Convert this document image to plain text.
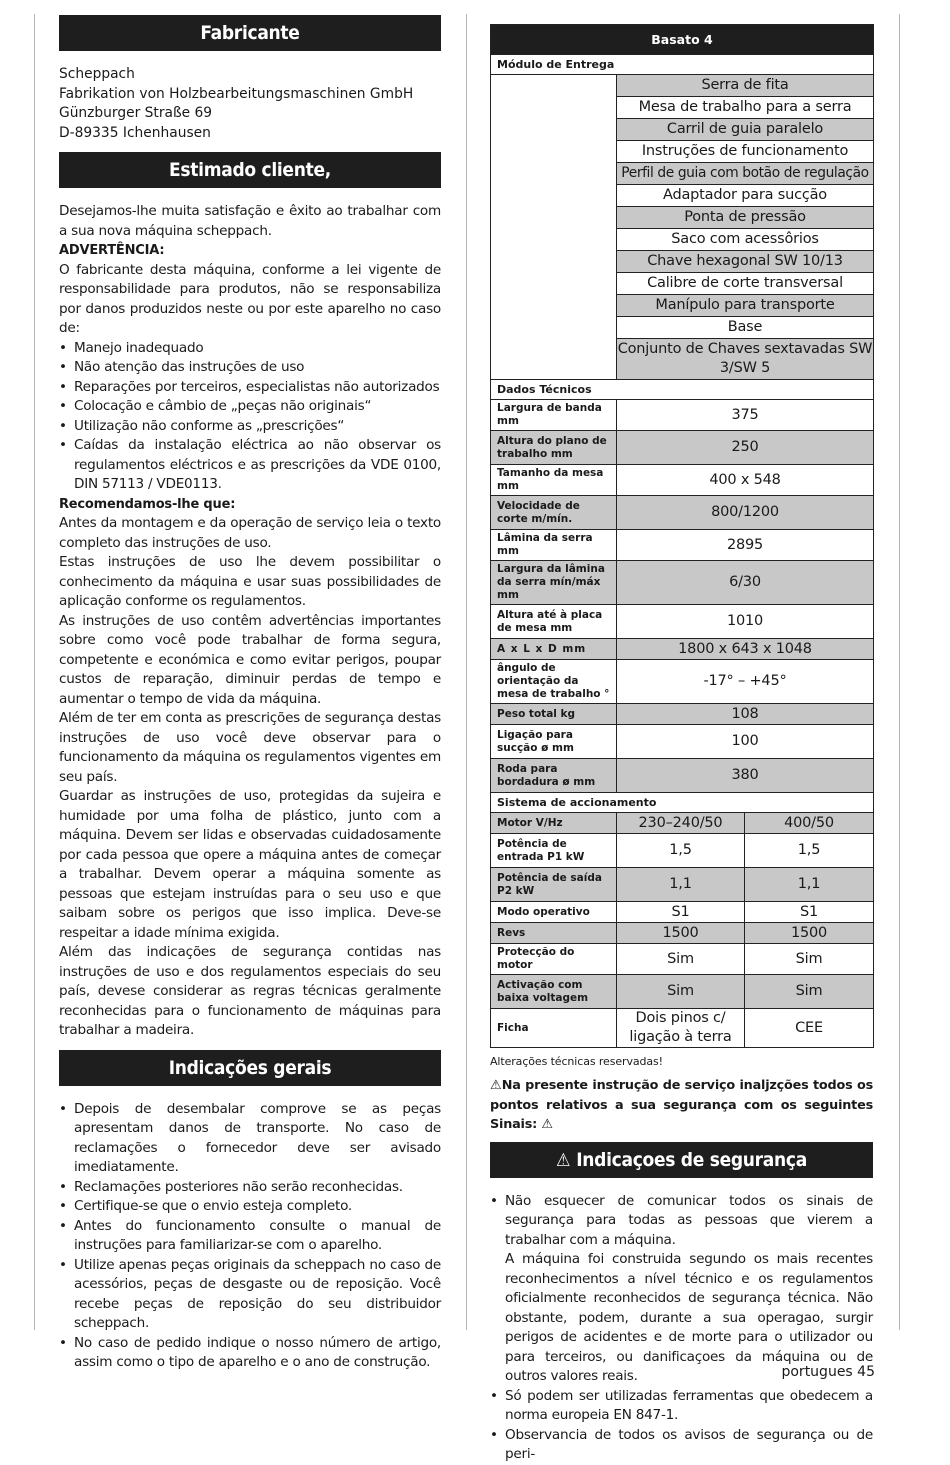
Fabricante
Scheppach
Fabrikation von Holzbearbeitungsmaschinen GmbH
Günzburger Straße 69
D-89335 Ichenhausen
Estimado cliente,

Desejamos-lhe muita satisfação e êxito ao trabalhar com a sua nova máquina scheppach.

ADVERTÊNCIA:

O fabricante desta máquina, conforme a lei vigente de responsabilidade para produtos, não se responsabiliza por danos produzidos neste ou por este aparelho no caso de:

• Manejo inadequado
• Não atenção das instruções de uso
• Reparações por terceiros, especialistas não autorizados
• Colocação e câmbio de „peças não originais“
• Utilização não conforme as „prescrições“
• Caídas da instalação eléctrica ao não observar os regulamentos eléctricos e as prescrições da VDE 0100, DIN 57113 / VDE0113.
Recomendamos-lhe que:

Antes da montagem e da operação de serviço leia o texto completo das instruções de uso.

Estas instruções de uso lhe devem possibilitar o conhecimento da máquina e usar suas possibilidades de aplicação conforme os regulamentos.

As instruções de uso contêm advertências importantes sobre como você pode trabalhar de forma segura, competente e económica e como evitar perigos, poupar custos de reparação, diminuir perdas de tempo e aumentar o tempo de vida da máquina.

Além de ter em conta as prescrições de segurança destas instruções de uso você deve observar para o funcionamento da máquina os regulamentos vigentes em seu país.

Guardar as instruções de uso, protegidas da sujeira e humidade por uma folha de plástico, junto com a máquina. Devem ser lidas e observadas cuidadosamente por cada pessoa que opere a máquina antes de começar a trabalhar. Devem operar a máquina somente as pessoas que estejam instruídas para o seu uso e que saibam sobre os perigos que isso implica. Deve-se respeitar a idade mínima exigida.

Além das indicações de segurança contidas nas instruções de uso e dos regulamentos especiais do seu país, devese considerar as regras técnicas geralmente reconhecidas para o funcionamento de máquinas para trabalhar a madeira.

Indicações gerais
• Depois de desembalar comprove se as peças apresentam danos de transporte. No caso de reclamações o fornecedor deve ser avisado imediatamente.
• Reclamações posteriores não serão reconhecidas.
• Certifique-se que o envio esteja completo.
• Antes do funcionamento consulte o manual de instruções para familiarizar-se com o aparelho.
• Utilize apenas peças originais da scheppach no caso de acessórios, peças de desgaste ou de reposição. Você recebe peças de reposição do seu distribuidor scheppach.
• No caso de pedido indique o nosso número de artigo, assim como o tipo de aparelho e o ano de construção.
Basato 4		
Módulo de Entrega		
	Serra de fita	
	Mesa de trabalho para a serra	
	Carril de guia paralelo	
	Instruções de funcionamento	
	Perfil de guia com botão de regulação	
	Adaptador para sucção	
	Ponta de pressão	
	Saco com acessôrios	
	Chave hexagonal SW 10/13	
	Calibre de corte transversal	
	Manípulo para transporte	
	Base	
	Conjunto de Chaves sextavadas SW 3/SW 5	
Dados Técnicos		
Largura de banda mm	375	
Altura do plano de trabalho mm	250	
Tamanho da mesa mm	400 x 548	
Velocidade de corte m/mín.	800/1200	
Lâmina da serra mm	2895	
Largura da lâmina da serra mín/máx mm	6/30	
Altura até à placa de mesa mm	1010	
A x L x D mm	1800 x 643 x 1048	
ângulo de orientação da mesa de trabalho °	-17° – +45°	
Peso total kg	108	
Ligação para sucção ø mm	100	
Roda para bordadura ø mm	380	
Sistema de accionamento		
Motor V/Hz	230–240/50	400/50
Potência de entrada P1 kW	1,5	1,5
Potência de saída P2 kW	1,1	1,1
Modo operativo	S1	S1
Revs	1500	1500
Protecção do motor	Sim	Sim
Activação com baixa voltagem	Sim	Sim
Ficha	Dois pinos c/ ligação à terra	CEE
Alterações técnicas reservadas!

⚠Na presente instrução de serviço inaljzções todos os pontos relativos a sua segurança com os seguintes Sinais: ⚠

⚠ Indicaçoes de segurança
• Não esquecer de comunicar todos os sinais de segurança para todas as pessoas que vierem a trabalhar com a máquina.
A máquina foi construida segundo os mais recentes reconhecimentos a nível técnico e os regulamentos oficialmente reconhecidos de segurança técnica. Não obstante, podem, durante a sua operagao, surgir perigos de acidentes e de morte para o utilizador ou para terceiros, ou danificaçoes da máquina ou de outros valores reais.
• Só podem ser utilizadas ferramentas que obedecem a norma europeia EN 847-1.
• Observancia de todos os avisos de segurança ou de peri-
portugues 45
